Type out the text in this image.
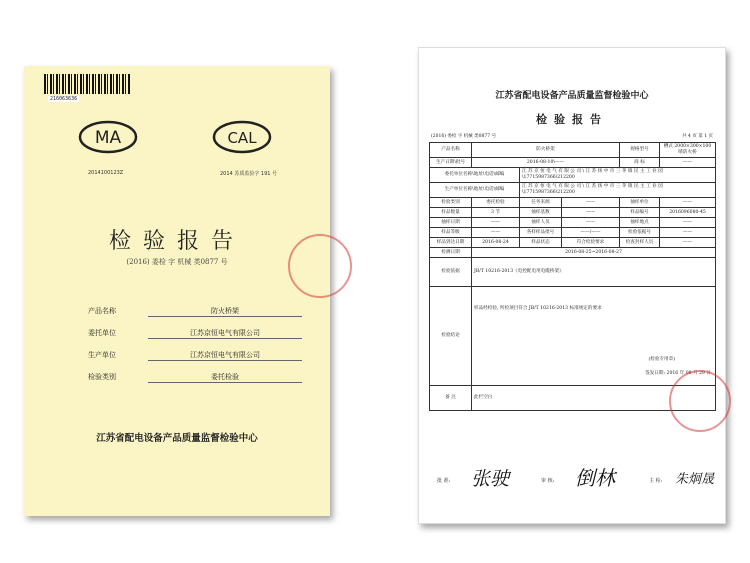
216063636
MA
2014100123Z
CAL
2014 苏质监验字 191 号
检验报告
(2016) 委检 字 机械 类0877 号
产品名称	防火桥架
委托单位	江苏京恒电气有限公司
生产单位	江苏京恒电气有限公司
检验类别	委托检验
江苏省配电设备产品质量监督检验中心
江苏省配电设备产品质量监督检验中心
检验报告
(2016) 委检 字 机械 类0877 号	共 4 页 第 1 页
产品名称	防火桥架			规格型号	槽式 2000×300×100 喷防火桥
生产日期\批号	2016-08-10\——			商 标	——
委托单位名称\地址\电话\邮编		江 苏 京 恒 电 气 有 限 公 司 \ 江 苏 扬 中 市 三 茅 镇 民 主 工 业 园 \17715987366\212200			
生产单位名称\地址\电话\邮编		江 苏 京 恒 电 气 有 限 公 司 \ 江 苏 扬 中 市 三 茅 镇 民 主 工 业 园 \17715987366\212200			
检验类别	委托检验	任务来源	——	抽样单位	——
样品数量	3 节	抽样基数	——	样品编号	2016096080-45
抽样日期	——	抽样人员	——	抽样地点	——
样品等级	——	各样样品批号	——/——	检验依据号	——
样品到达日期	2016-08-24	样品状态	符合检验要求	检查封样人员	——
检测日期	2016-08-25~2016-08-27				
检验依据	JB/T 10216-2013《电控配电用电缆桥架》				
检验结论	样品经检验, 所检项目符合 JB/T 10216-2013 标准规定的要求
(检验专用章)
签发日期: 2016 年 08 月 29 日				

备 注	此栏空白				
批 准: 张驶	审 核: 倒林	主 检: 朱炯晟
